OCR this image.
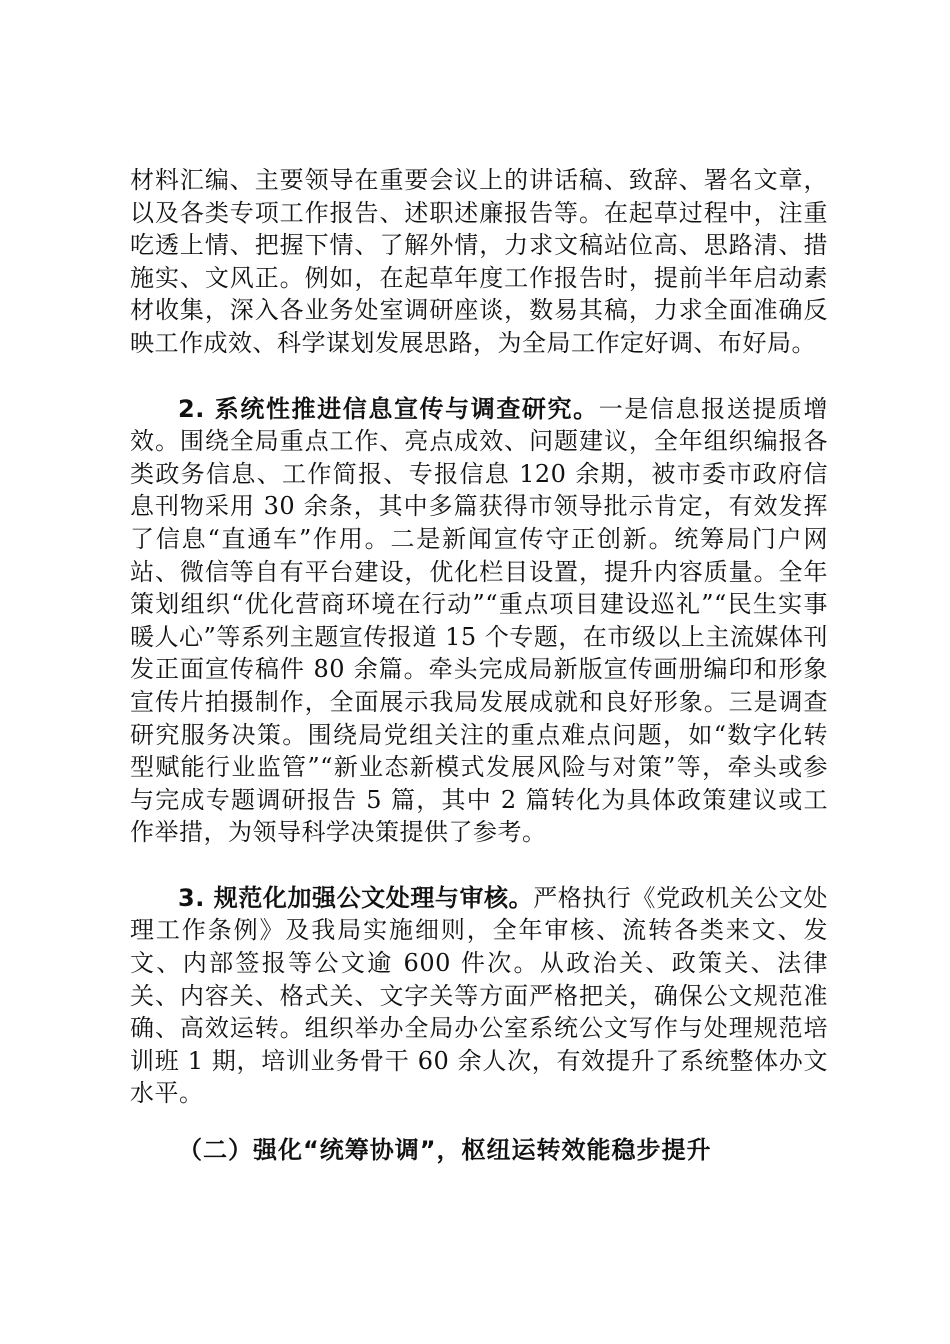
材料汇编、主要领导在重要会议上的讲话稿、致辞、署名文章，以及各类专项工作报告、述职述廉报告等。在起草过程中，注重吃透上情、把握下情、了解外情，力求文稿站位高、思路清、措施实、文风正。例如，在起草年度工作报告时，提前半年启动素材收集，深入各业务处室调研座谈，数易其稿，力求全面准确反映工作成效、科学谋划发展思路，为全局工作定好调、布好局。

2. 系统性推进信息宣传与调查研究。一是信息报送提质增效。围绕全局重点工作、亮点成效、问题建议，全年组织编报各类政务信息、工作简报、专报信息 120 余期，被市委市政府信息刊物采用 30 余条，其中多篇获得市领导批示肯定，有效发挥了信息“直通车”作用。二是新闻宣传守正创新。统筹局门户网站、微信等自有平台建设，优化栏目设置，提升内容质量。全年策划组织“优化营商环境在行动”“重点项目建设巡礼”“民生实事暖人心”等系列主题宣传报道 15 个专题，在市级以上主流媒体刊发正面宣传稿件 80 余篇。牵头完成局新版宣传画册编印和形象宣传片拍摄制作，全面展示我局发展成就和良好形象。三是调查研究服务决策。围绕局党组关注的重点难点问题，如“数字化转型赋能行业监管”“新业态新模式发展风险与对策”等，牵头或参与完成专题调研报告 5 篇，其中 2 篇转化为具体政策建议或工作举措，为领导科学决策提供了参考。

3. 规范化加强公文处理与审核。严格执行《党政机关公文处理工作条例》及我局实施细则，全年审核、流转各类来文、发文、内部签报等公文逾 600 件次。从政治关、政策关、法律关、内容关、格式关、文字关等方面严格把关，确保公文规范准确、高效运转。组织举办全局办公室系统公文写作与处理规范培训班 1 期，培训业务骨干 60 余人次，有效提升了系统整体办文水平。

（二）强化“统筹协调”，枢纽运转效能稳步提升
